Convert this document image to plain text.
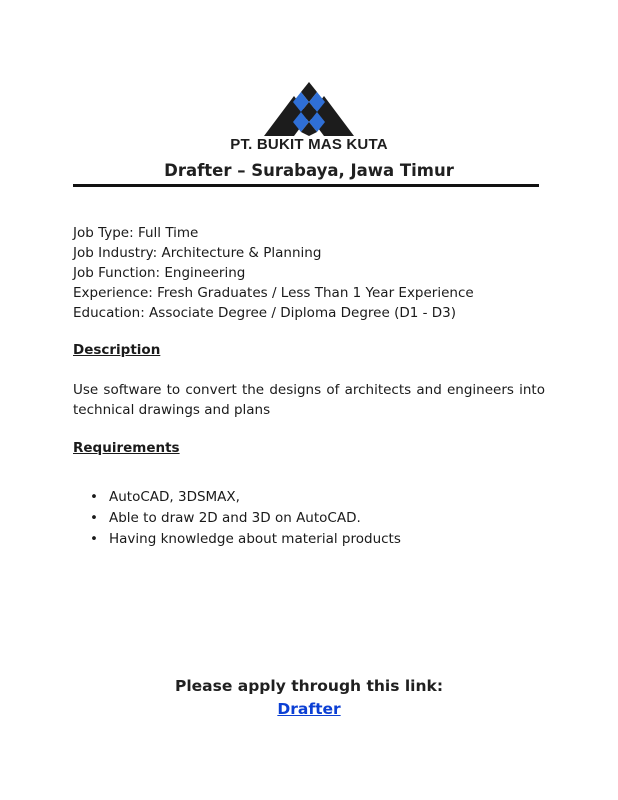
PT. BUKIT MAS KUTA
Drafter – Surabaya, Jawa Timur
Job Type: Full Time
Job Industry: Architecture & Planning
Job Function: Engineering
Experience: Fresh Graduates / Less Than 1 Year Experience
Education: Associate Degree / Diploma Degree (D1 - D3)
Description
Use software to convert the designs of architects and engineers into technical drawings and plans
Requirements
• AutoCAD, 3DSMAX,
• Able to draw 2D and 3D on AutoCAD.
• Having knowledge about material products
Please apply through this link:
Drafter
